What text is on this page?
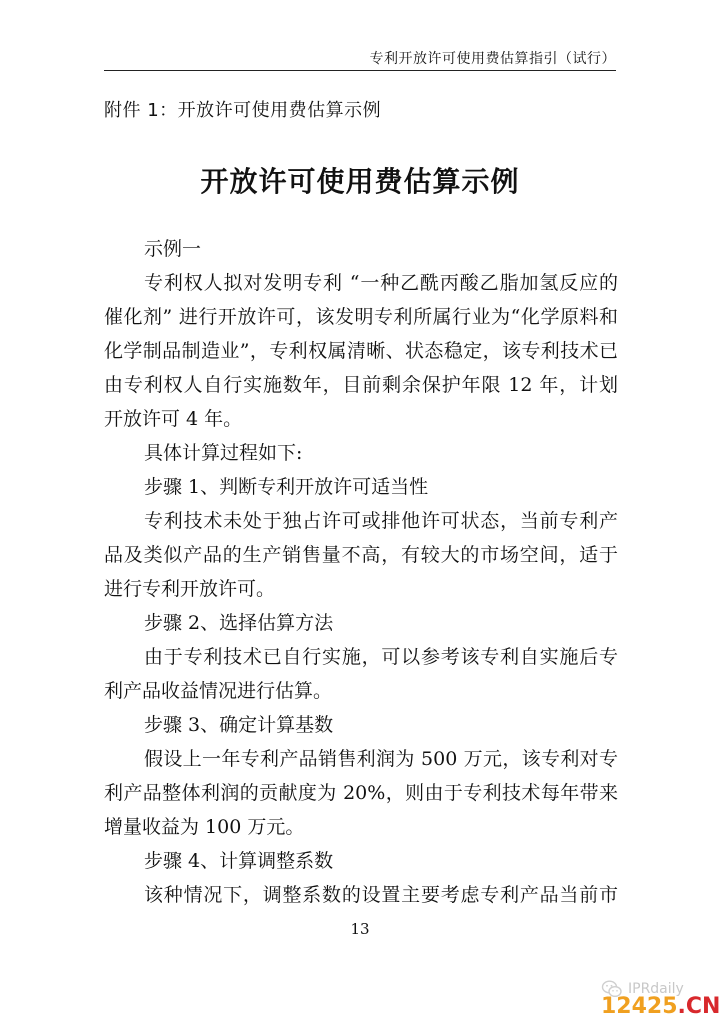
专利开放许可使用费估算指引（试行）
附件 1：开放许可使用费估算示例
开放许可使用费估算示例
示例一
专利权人拟对发明专利 “一种乙酰丙酸乙脂加氢反应的
催化剂” 进行开放许可，该发明专利所属行业为“化学原料和
化学制品制造业”，专利权属清晰、状态稳定，该专利技术已
由专利权人自行实施数年，目前剩余保护年限 12 年，计划
开放许可 4 年。
具体计算过程如下:
步骤 1、判断专利开放许可适当性
专利技术未处于独占许可或排他许可状态，当前专利产
品及类似产品的生产销售量不高，有较大的市场空间，适于
进行专利开放许可。
步骤 2、选择估算方法
由于专利技术已自行实施，可以参考该专利自实施后专
利产品收益情况进行估算。
步骤 3、确定计算基数
假设上一年专利产品销售利润为 500 万元，该专利对专
利产品整体利润的贡献度为 20%，则由于专利技术每年带来
增量收益为 100 万元。
步骤 4、计算调整系数
该种情况下，调整系数的设置主要考虑专利产品当前市
13
IPRdaily
12425.CN
